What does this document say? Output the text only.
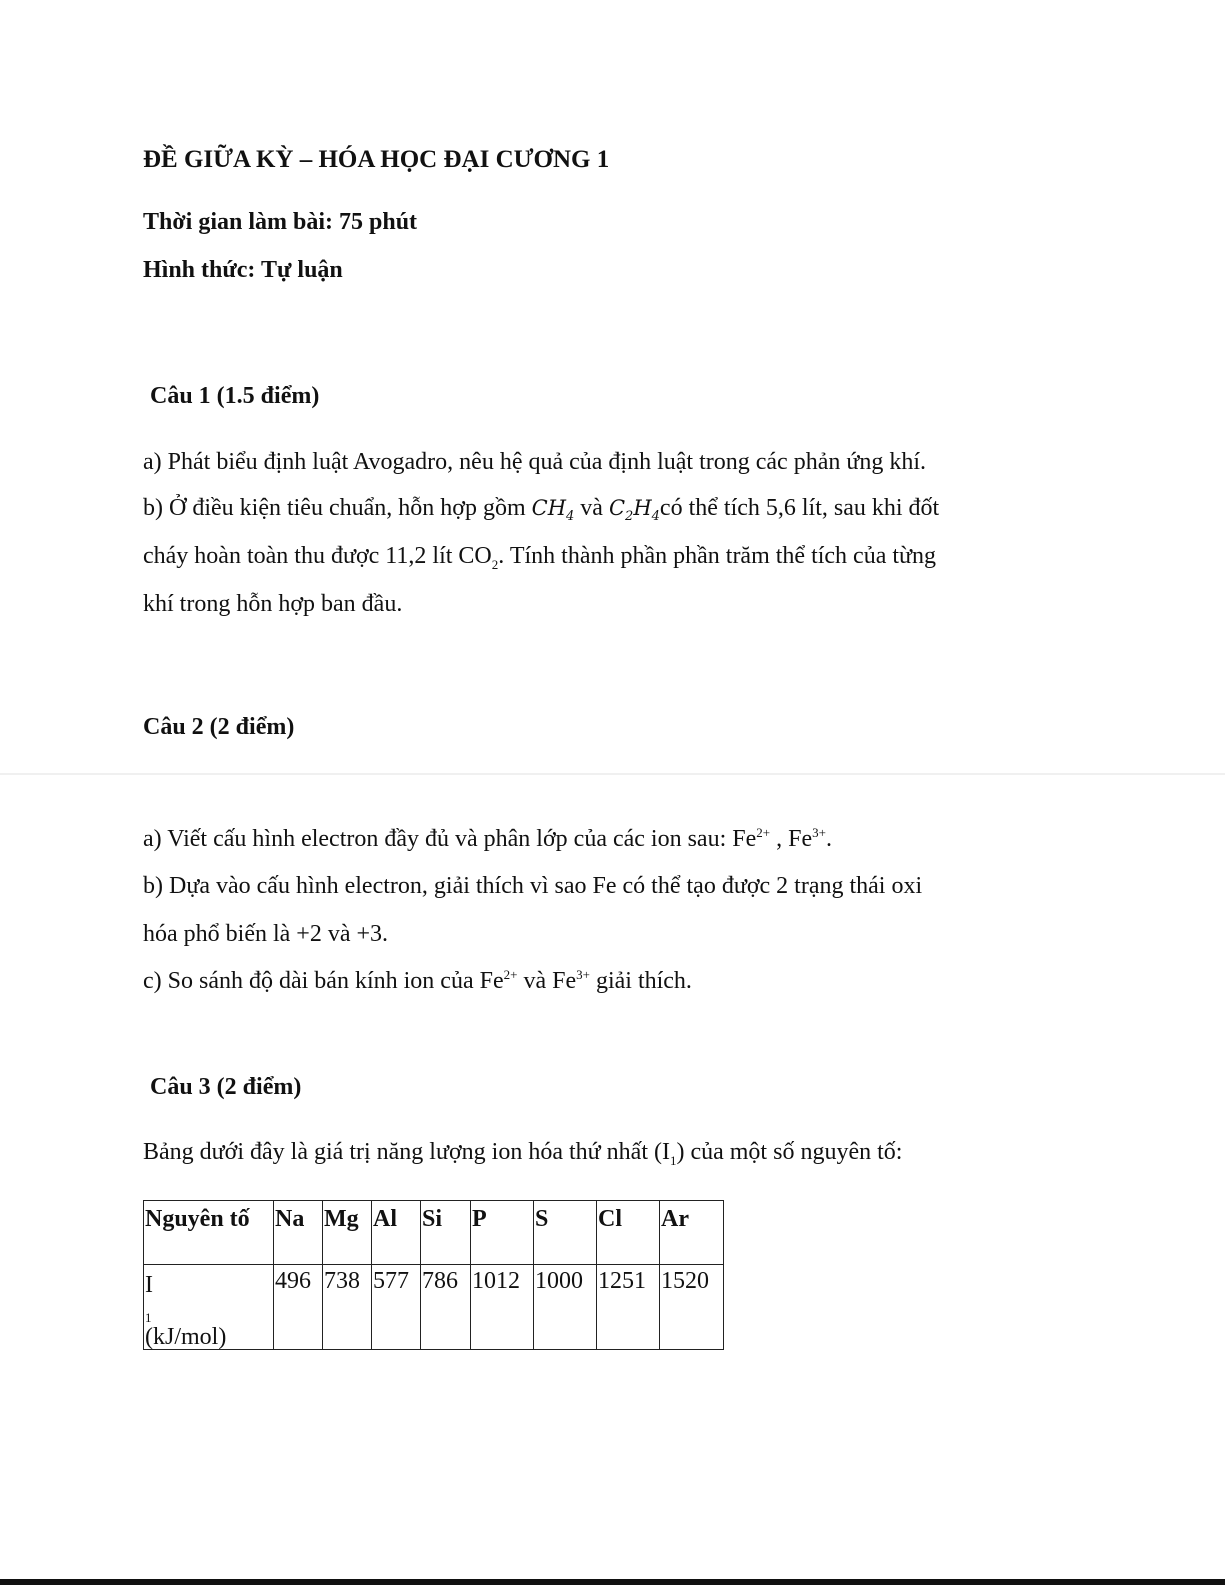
ĐỀ GIỮA KỲ – HÓA HỌC ĐẠI CƯƠNG 1
Thời gian làm bài: 75 phút
Hình thức: Tự luận
Câu 1 (1.5 điểm)
a) Phát biểu định luật Avogadro, nêu hệ quả của định luật trong các phản ứng khí.
b) Ở điều kiện tiêu chuẩn, hỗn hợp gồm $CH_4$ và $C_2H_4có$ thể tích 5,6 lít, sau khi đốt
cháy hoàn toàn thu được 11,2 lít $CO_2$. Tính thành phần phần trăm thể tích của từng
khí trong hỗn hợp ban đầu.
Câu 2 (2 điểm)
a) Viết cấu hình electron đầy đủ và phân lớp của các ion sau: $Fe^{2+}$ , $Fe^{3+}$.
b) Dựa vào cấu hình electron, giải thích vì sao Fe có thể tạo được 2 trạng thái oxi
hóa phổ biến là +2 và +3.
c) So sánh độ dài bán kính ion của $Fe^{2+}$ và $Fe^{3+}$ giải thích.
Câu 3 (2 điểm)
Bảng dưới đây là giá trị năng lượng ion hóa thứ nhất $(I_1)$ của một số nguyên tố:
Nguyên tố	Na	Mg	Al	Si	P	S	Cl	Ar

I
$_1$
(kJ/mol)	496	738	577	786	1012	1000	1251	1520
